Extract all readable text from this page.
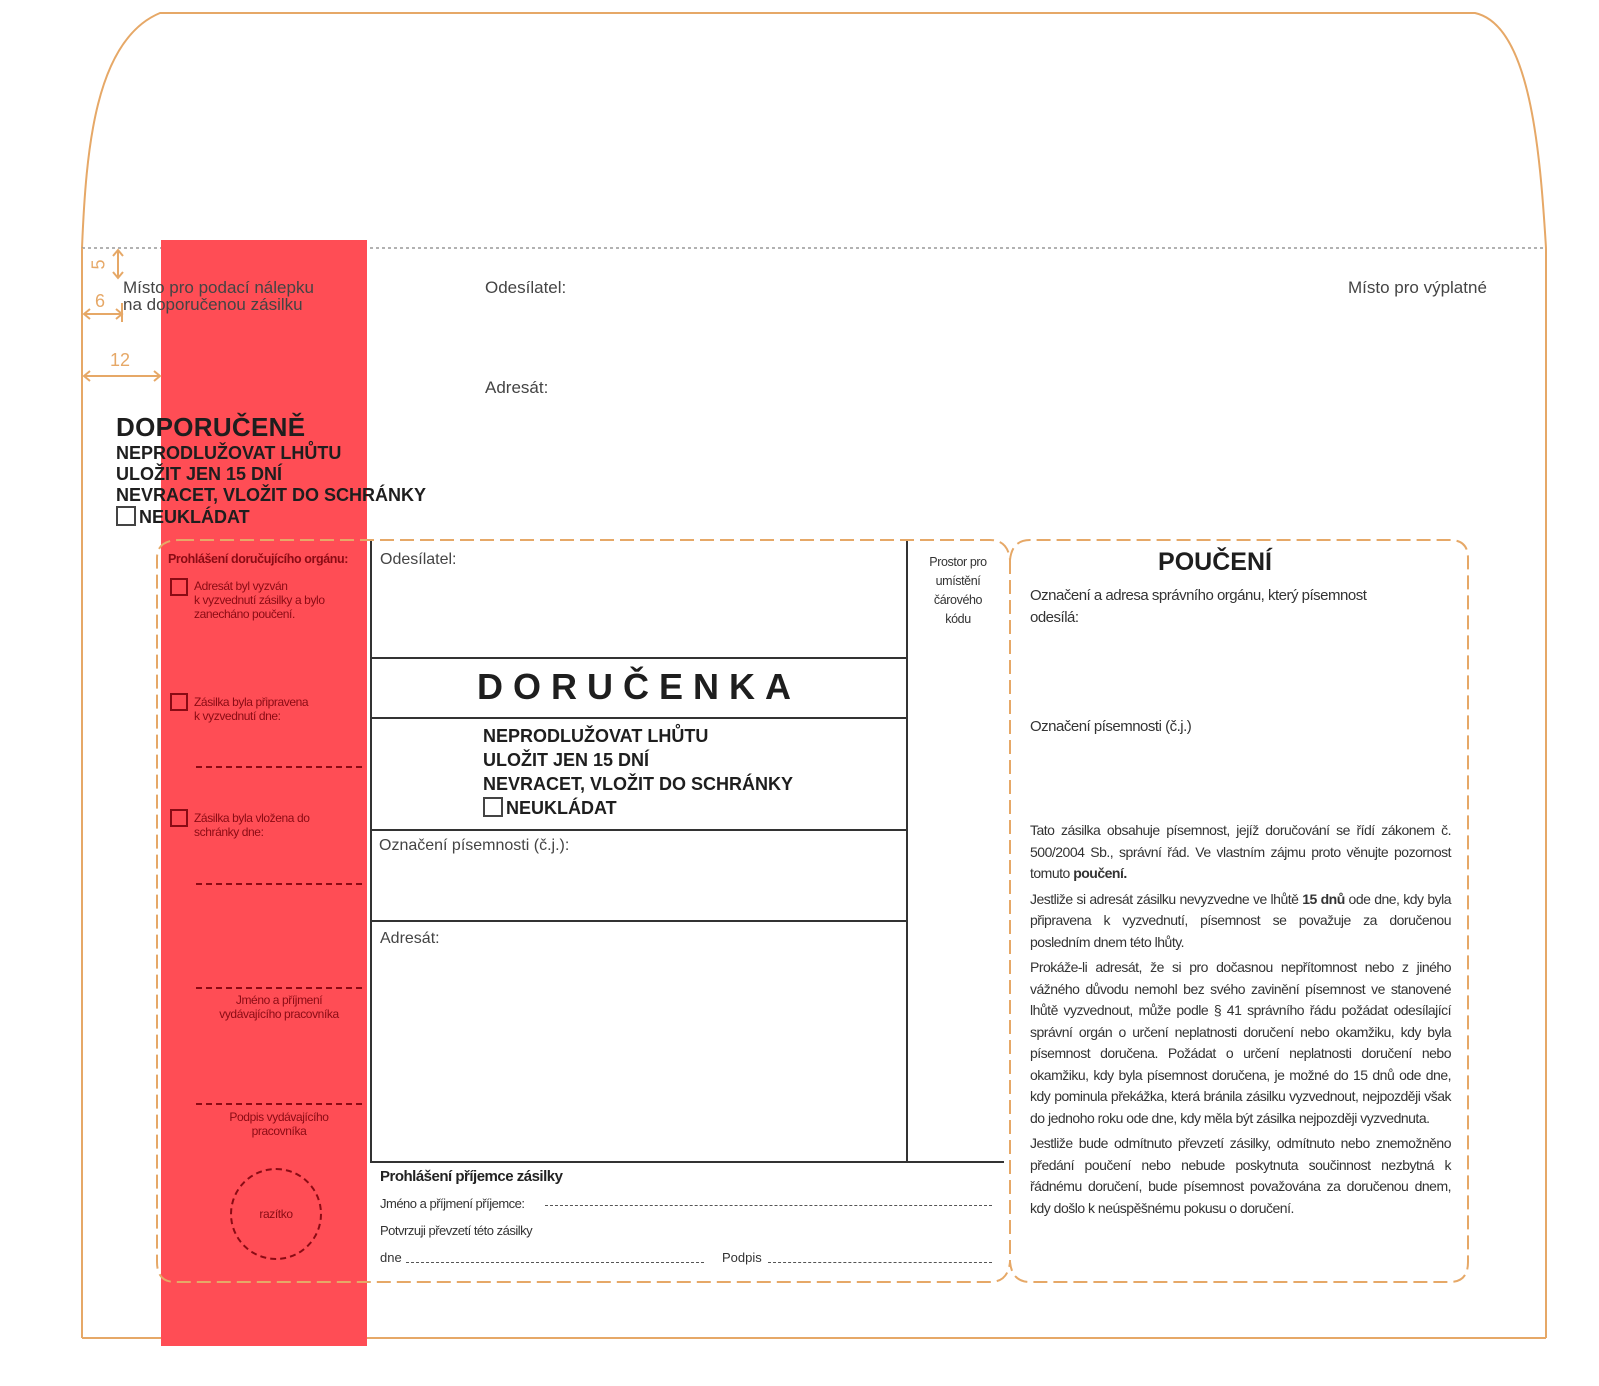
5
6
12
Místo pro podací nálepku
na doporučenou zásilku
Odesílatel:
Adresát:
Místo pro výplatné
DOPORUČENĚ
NEPRODLUŽOVAT LHŮTU
ULOŽIT JEN 15 DNÍ
NEVRACET, VLOŽIT DO SCHRÁNKY
NEUKLÁDAT
Prohlášení doručujícího orgánu:
Adresát byl vyzván
k vyzvednutí zásilky a bylo
zanecháno poučení.
Zásilka byla připravena
k vyzvednutí dne:
Zásilka byla vložena do
schránky dne:
Jméno a příjmení
vydávajícího pracovníka
Podpis vydávajícího
pracovníka
razítko
Odesílatel:
DORUČENKA
NEPRODLUŽOVAT LHŮTU
ULOŽIT JEN 15 DNÍ
NEVRACET, VLOŽIT DO SCHRÁNKY
NEUKLÁDAT
Označení písemnosti (č.j.):
Adresát:
Prostor pro
umístění
čárového
kódu
Prohlášení příjemce zásilky
Jméno a příjmení příjemce:
Potvrzuji převzetí této zásilky
dne	Podpis
POUČENÍ
Označení a adresa správního orgánu, který písemnost
odesílá:
Označení písemnosti (č.j.)

Tato zásilka obsahuje písemnost, jejíž doručování se řídí zákonem č. 500/2004 Sb., správní řád. Ve vlastním zájmu proto věnujte pozornost tomuto poučení.

Jestliže si adresát zásilku nevyzvedne ve lhůtě 15 dnů ode dne, kdy byla připravena k vyzvednutí, písemnost se považuje za doručenou posledním dnem této lhůty.

Prokáže-li adresát, že si pro dočasnou nepřítomnost nebo z jiného vážného důvodu nemohl bez svého zavinění písemnost ve stanovené lhůtě vyzvednout, může podle § 41 správního řádu požádat odesílající správní orgán o určení neplatnosti doručení nebo okamžiku, kdy byla písemnost doručena. Požádat o určení neplatnosti doručení nebo okamžiku, kdy byla písemnost doručena, je možné do 15 dnů ode dne, kdy pominula překážka, která bránila zásilku vyzvednout, nejpozději však do jednoho roku ode dne, kdy měla být zásilka nejpozději vyzvednuta.

Jestliže bude odmítnuto převzetí zásilky, odmítnuto nebo znemožněno předání poučení nebo nebude poskytnuta součinnost nezbytná k řádnému doručení, bude písemnost považována za doručenou dnem, kdy došlo k neúspěšnému pokusu o doručení.
